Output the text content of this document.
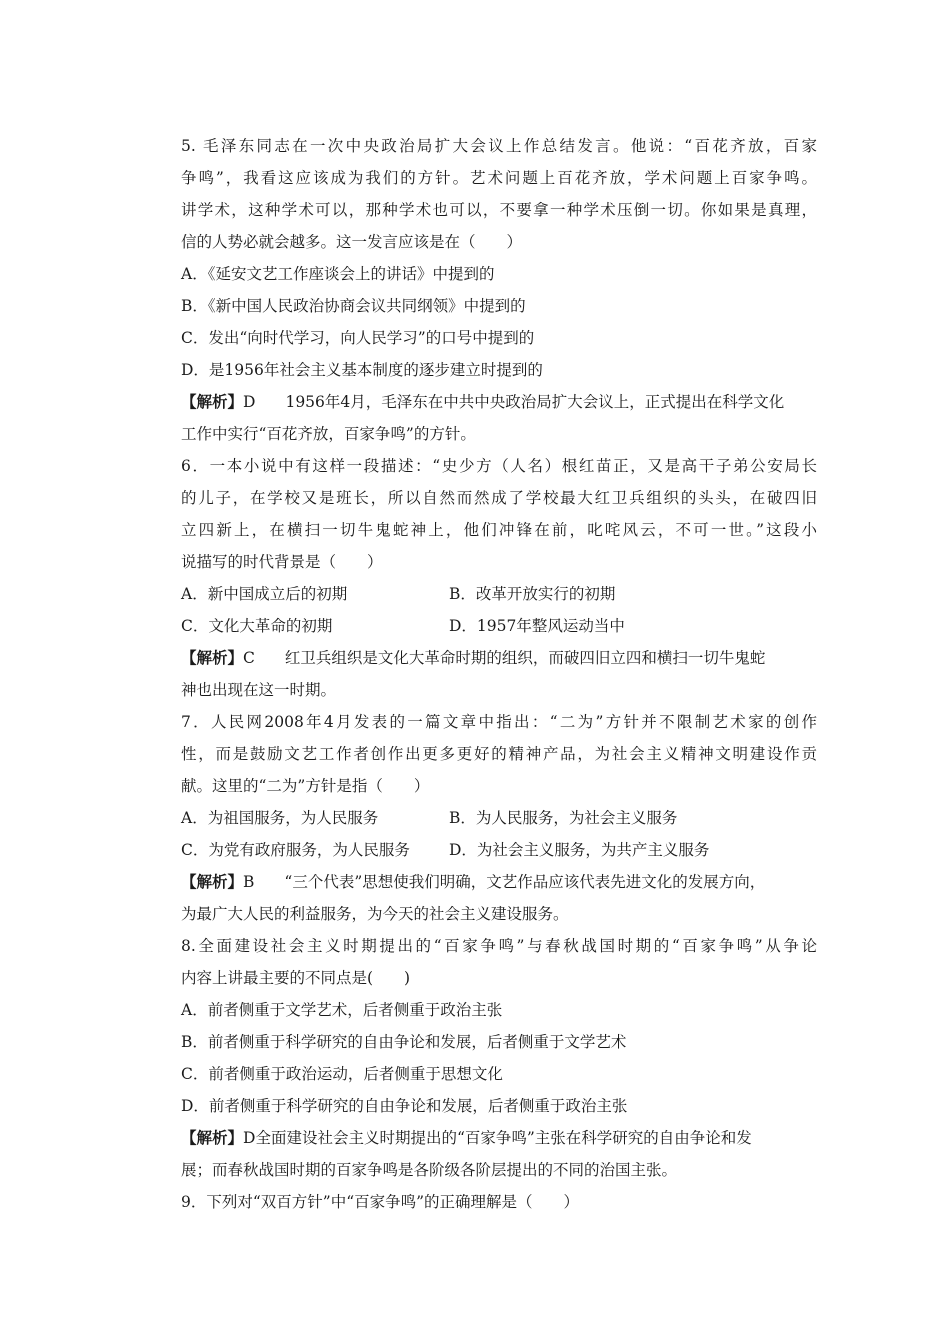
5. 毛泽东同志在一次中央政治局扩大会议上作总结发言。他说：“百花齐放，百家
争鸣”，我看这应该成为我们的方针。艺术问题上百花齐放，学术问题上百家争鸣。
讲学术，这种学术可以，那种学术也可以，不要拿一种学术压倒一切。你如果是真理，
信的人势必就会越多。这一发言应该是在（　　）
A．《延安文艺工作座谈会上的讲话》中提到的
B．《新中国人民政治协商会议共同纲领》中提到的
C．发出“向时代学习，向人民学习”的口号中提到的
D．是1956年社会主义基本制度的逐步建立时提到的
【解析】D 1956年4月，毛泽东在中共中央政治局扩大会议上，正式提出在科学文化
工作中实行“百花齐放，百家争鸣”的方针。
6．一本小说中有这样一段描述：“史少方（人名）根红苗正，又是高干子弟公安局长
的儿子，在学校又是班长，所以自然而然成了学校最大红卫兵组织的头头，在破四旧
立四新上，在横扫一切牛鬼蛇神上，他们冲锋在前，叱咤风云，不可一世。”这段小
说描写的时代背景是（　　）
A．新中国成立后的初期	B．改革开放实行的初期
C．文化大革命的初期	D．1957年整风运动当中
【解析】C 红卫兵组织是文化大革命时期的组织，而破四旧立四和横扫一切牛鬼蛇
神也出现在这一时期。
7．人民网2008年4月发表的一篇文章中指出：“二为”方针并不限制艺术家的创作
性，而是鼓励文艺工作者创作出更多更好的精神产品，为社会主义精神文明建设作贡
献。这里的“二为”方针是指（　　）
A．为祖国服务，为人民服务	B．为人民服务，为社会主义服务
C．为党有政府服务，为人民服务	D．为社会主义服务，为共产主义服务
【解析】B “三个代表”思想使我们明确，文艺作品应该代表先进文化的发展方向，
为最广大人民的利益服务，为今天的社会主义建设服务。
8.全面建设社会主义时期提出的“百家争鸣”与春秋战国时期的“百家争鸣”从争论
内容上讲最主要的不同点是(　　)
A．前者侧重于文学艺术，后者侧重于政治主张
B．前者侧重于科学研究的自由争论和发展，后者侧重于文学艺术
C．前者侧重于政治运动，后者侧重于思想文化
D．前者侧重于科学研究的自由争论和发展，后者侧重于政治主张
【解析】D全面建设社会主义时期提出的“百家争鸣”主张在科学研究的自由争论和发
展；而春秋战国时期的百家争鸣是各阶级各阶层提出的不同的治国主张。
9．下列对“双百方针”中“百家争鸣”的正确理解是（　　）
